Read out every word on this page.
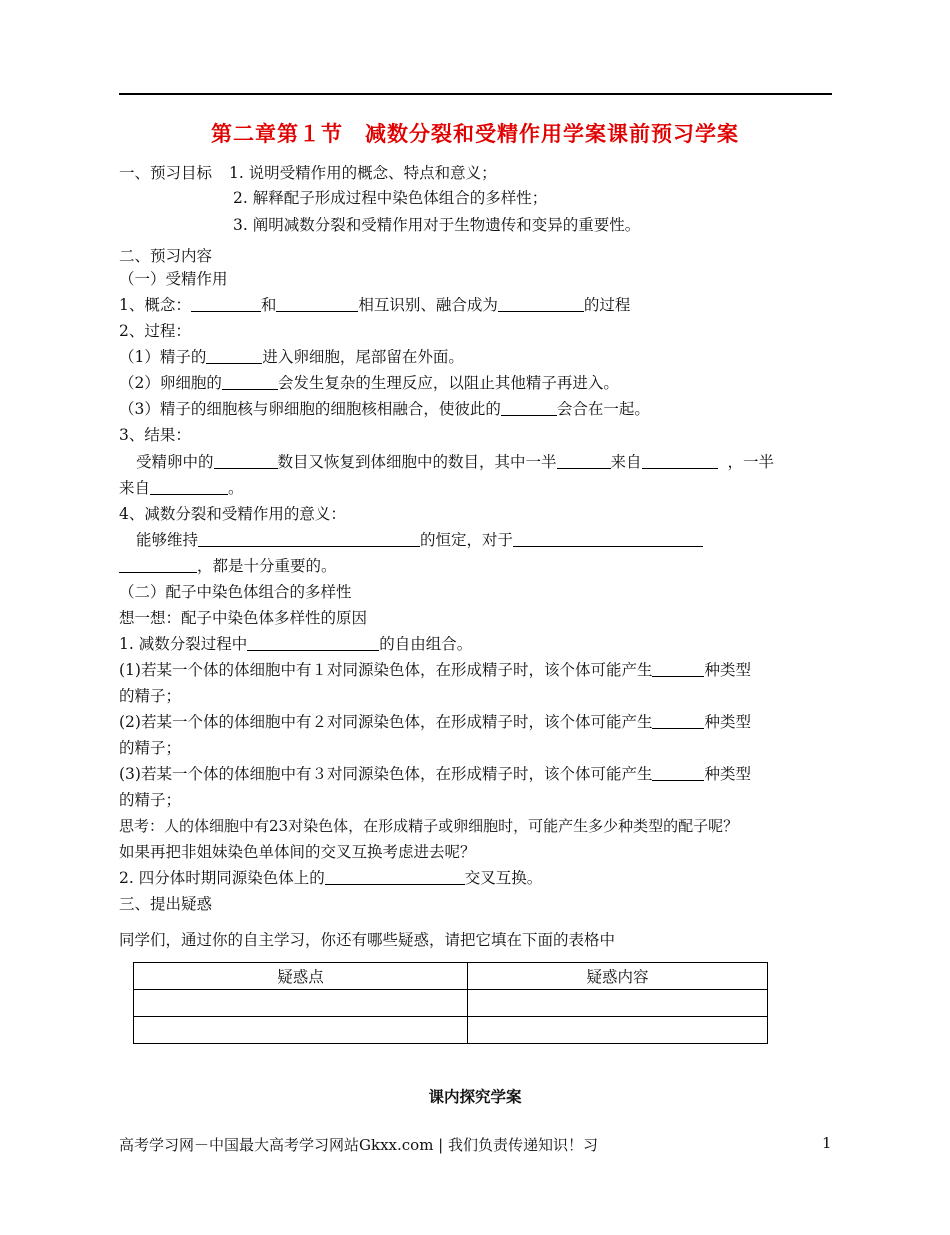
第二章第１节　减数分裂和受精作用学案课前预习学案
一、预习目标 1. 说明受精作用的概念、特点和意义；
2. 解释配子形成过程中染色体组合的多样性；
3. 阐明减数分裂和受精作用对于生物遗传和变异的重要性。
二、预习内容
（一）受精作用
1、概念：	和	相互识别、融合成为	的过程
2、过程：
（1）精子的	进入卵细胞，尾部留在外面。
（2）卵细胞的	会发生复杂的生理反应，以阻止其他精子再进入。
（3）精子的细胞核与卵细胞的细胞核相融合，使彼此的	会合在一起。
3、结果：
受精卵中的	数目又恢复到体细胞中的数目，其中一半	来自	，一半
来自	。
4、减数分裂和受精作用的意义：
能够维持	的恒定，对于
，都是十分重要的。
（二）配子中染色体组合的多样性
想一想：配子中染色体多样性的原因
1. 减数分裂过程中	的自由组合。
(1)若某一个体的体细胞中有１对同源染色体，在形成精子时，该个体可能产生	种类型
的精子；
(2)若某一个体的体细胞中有２对同源染色体，在形成精子时，该个体可能产生	种类型
的精子；
(3)若某一个体的体细胞中有３对同源染色体，在形成精子时，该个体可能产生	种类型
的精子；
思考：人的体细胞中有23对染色体，在形成精子或卵细胞时，可能产生多少种类型的配子呢？
如果再把非姐妹染色单体间的交叉互换考虑进去呢？
2. 四分体时期同源染色体上的	交叉互换。
三、提出疑惑
同学们，通过你的自主学习，你还有哪些疑惑，请把它填在下面的表格中
疑惑点	疑惑内容

课内探究学案
高考学习网－中国最大高考学习网站Gkxx.com | 我们负责传递知识！习	1
